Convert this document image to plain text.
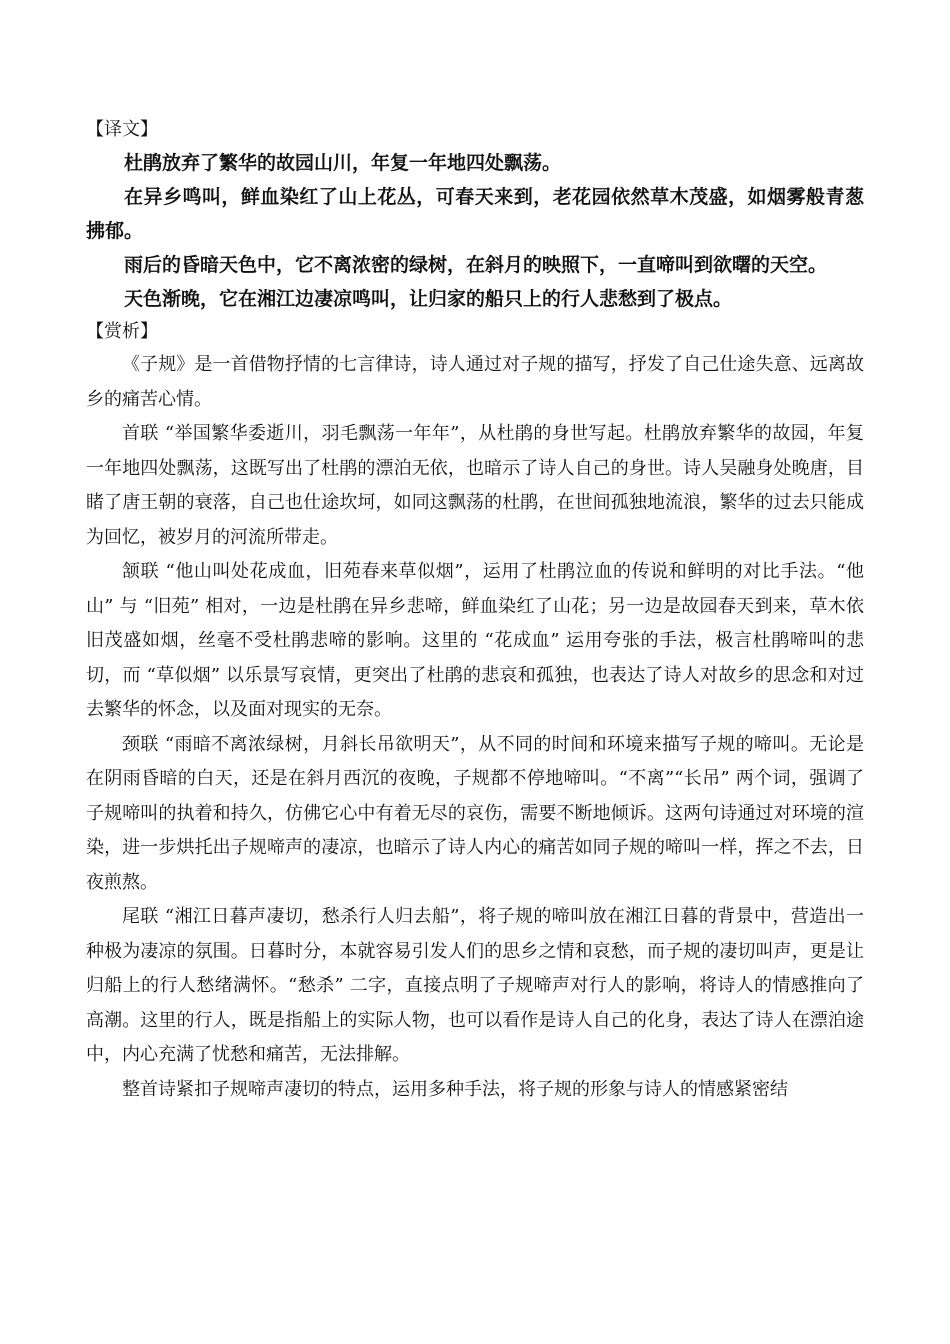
【译文】

杜鹃放弃了繁华的故园山川，年复一年地四处飘荡。

在异乡鸣叫，鲜血染红了山上花丛，可春天来到，老花园依然草木茂盛，如烟雾般青葱拂郁。

雨后的昏暗天色中，它不离浓密的绿树，在斜月的映照下，一直啼叫到欲曙的天空。

天色渐晚，它在湘江边凄凉鸣叫，让归家的船只上的行人悲愁到了极点。

【赏析】

《子规》是一首借物抒情的七言律诗，诗人通过对子规的描写，抒发了自己仕途失意、远离故乡的痛苦心情。

首联 “举国繁华委逝川，羽毛飘荡一年年”，从杜鹃的身世写起。杜鹃放弃繁华的故园，年复一年地四处飘荡，这既写出了杜鹃的漂泊无依，也暗示了诗人自己的身世。诗人吴融身处晚唐，目睹了唐王朝的衰落，自己也仕途坎坷，如同这飘荡的杜鹃，在世间孤独地流浪，繁华的过去只能成为回忆，被岁月的河流所带走。

颔联 “他山叫处花成血，旧苑春来草似烟”，运用了杜鹃泣血的传说和鲜明的对比手法。“他山” 与 “旧苑” 相对，一边是杜鹃在异乡悲啼，鲜血染红了山花；另一边是故园春天到来，草木依旧茂盛如烟，丝毫不受杜鹃悲啼的影响。这里的 “花成血” 运用夸张的手法，极言杜鹃啼叫的悲切，而 “草似烟” 以乐景写哀情，更突出了杜鹃的悲哀和孤独，也表达了诗人对故乡的思念和对过去繁华的怀念，以及面对现实的无奈。

颈联 “雨暗不离浓绿树，月斜长吊欲明天”，从不同的时间和环境来描写子规的啼叫。无论是在阴雨昏暗的白天，还是在斜月西沉的夜晚，子规都不停地啼叫。“不离”“长吊” 两个词，强调了子规啼叫的执着和持久，仿佛它心中有着无尽的哀伤，需要不断地倾诉。这两句诗通过对环境的渲染，进一步烘托出子规啼声的凄凉，也暗示了诗人内心的痛苦如同子规的啼叫一样，挥之不去，日夜煎熬。

尾联 “湘江日暮声凄切，愁杀行人归去船”，将子规的啼叫放在湘江日暮的背景中，营造出一种极为凄凉的氛围。日暮时分，本就容易引发人们的思乡之情和哀愁，而子规的凄切叫声，更是让归船上的行人愁绪满怀。“愁杀” 二字，直接点明了子规啼声对行人的影响，将诗人的情感推向了高潮。这里的行人，既是指船上的实际人物，也可以看作是诗人自己的化身，表达了诗人在漂泊途中，内心充满了忧愁和痛苦，无法排解。

整首诗紧扣子规啼声凄切的特点，运用多种手法，将子规的形象与诗人的情感紧密结
